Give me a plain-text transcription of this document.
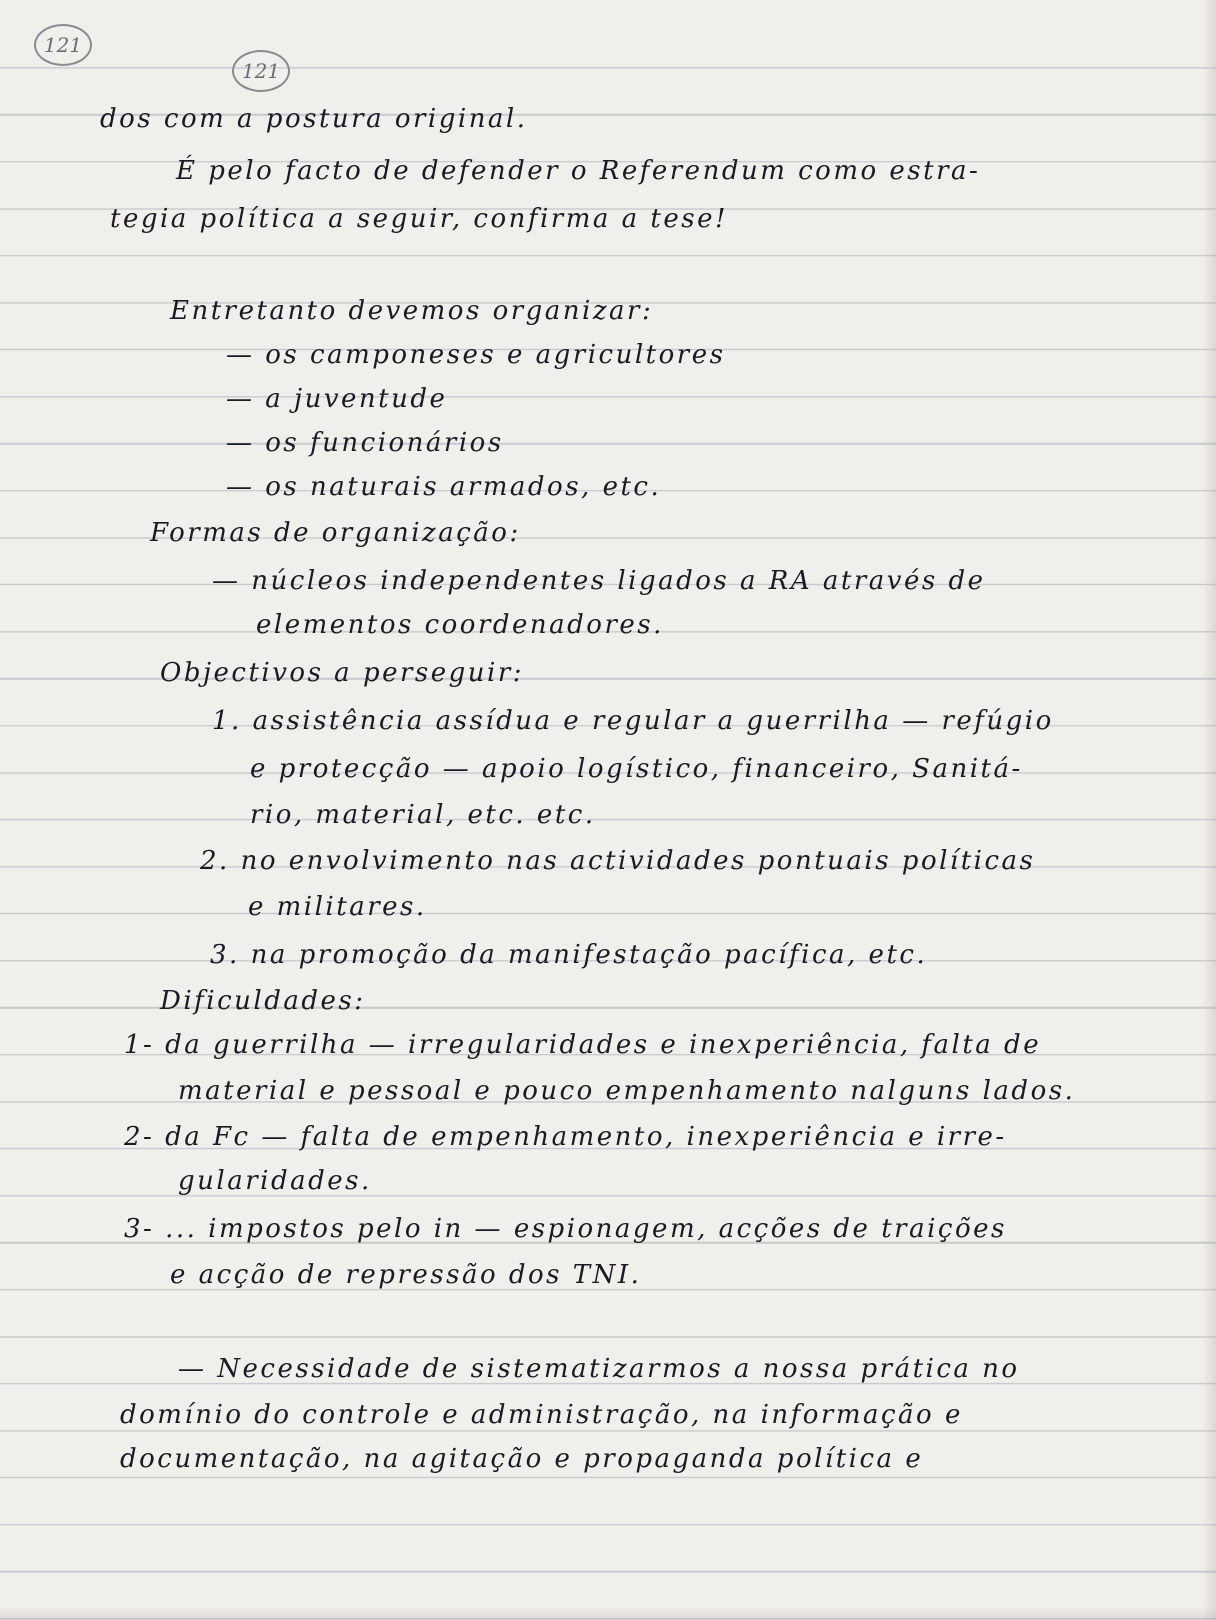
121
121

dos com a postura original.

É pelo facto de defender o Referendum como estra-

tegia política a seguir, confirma a tese!

Entretanto devemos organizar:

— os camponeses e agricultores

— a juventude

— os funcionários

— os naturais armados, etc.

Formas de organização:

— núcleos independentes ligados a RA através de

elementos coordenadores.

Objectivos a perseguir:

1. assistência assídua e regular a guerrilha — refúgio

e protecção — apoio logístico, financeiro, Sanitá-

rio, material, etc. etc.

2. no envolvimento nas actividades pontuais políticas

e militares.

3. na promoção da manifestação pacífica, etc.

Dificuldades:

1- da guerrilha — irregularidades e inexperiência, falta de

material e pessoal e pouco empenhamento nalguns lados.

2- da Fc — falta de empenhamento, inexperiência e irre-

gularidades.

3- ... impostos pelo in — espionagem, acções de traições

e acção de repressão dos TNI.

— Necessidade de sistematizarmos a nossa prática no

domínio do controle e administração, na informação e

documentação, na agitação e propaganda política e
